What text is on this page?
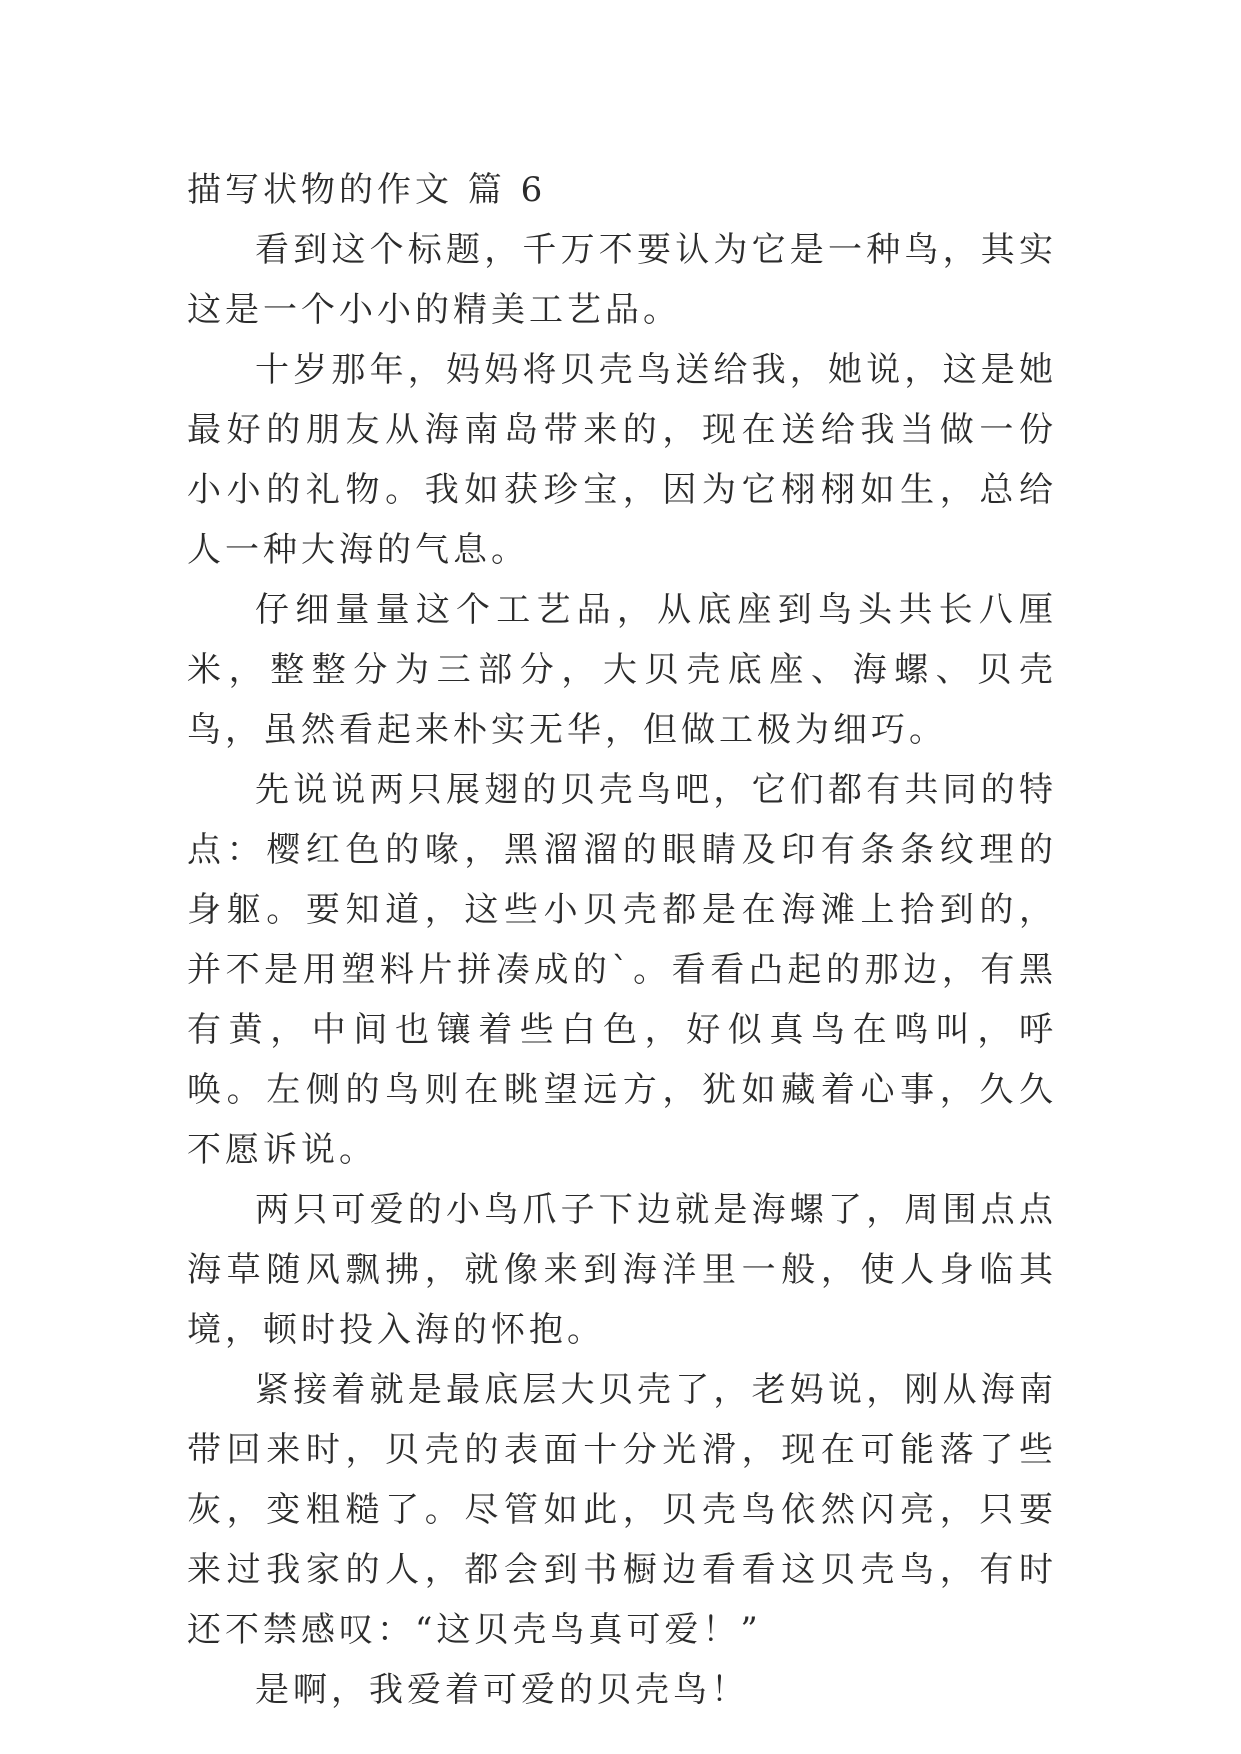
描写状物的作文 篇 6

看到这个标题，千万不要认为它是一种鸟，其实这是一个小小的精美工艺品。

十岁那年，妈妈将贝壳鸟送给我，她说，这是她最好的朋友从海南岛带来的，现在送给我当做一份小小的礼物。我如获珍宝，因为它栩栩如生，总给人一种大海的气息。

仔细量量这个工艺品，从底座到鸟头共长八厘米，整整分为三部分，大贝壳底座、海螺、贝壳鸟，虽然看起来朴实无华，但做工极为细巧。

先说说两只展翅的贝壳鸟吧，它们都有共同的特点：樱红色的喙，黑溜溜的眼睛及印有条条纹理的身躯。要知道，这些小贝壳都是在海滩上拾到的，并不是用塑料片拼凑成的`。看看凸起的那边，有黑有黄，中间也镶着些白色，好似真鸟在鸣叫，呼唤。左侧的鸟则在眺望远方，犹如藏着心事，久久不愿诉说。

两只可爱的小鸟爪子下边就是海螺了，周围点点海草随风飘拂，就像来到海洋里一般，使人身临其境，顿时投入海的怀抱。

紧接着就是最底层大贝壳了，老妈说，刚从海南带回来时，贝壳的表面十分光滑，现在可能落了些灰，变粗糙了。尽管如此，贝壳鸟依然闪亮，只要来过我家的人，都会到书橱边看看这贝壳鸟，有时还不禁感叹：“这贝壳鸟真可爱！”

是啊，我爱着可爱的贝壳鸟！
